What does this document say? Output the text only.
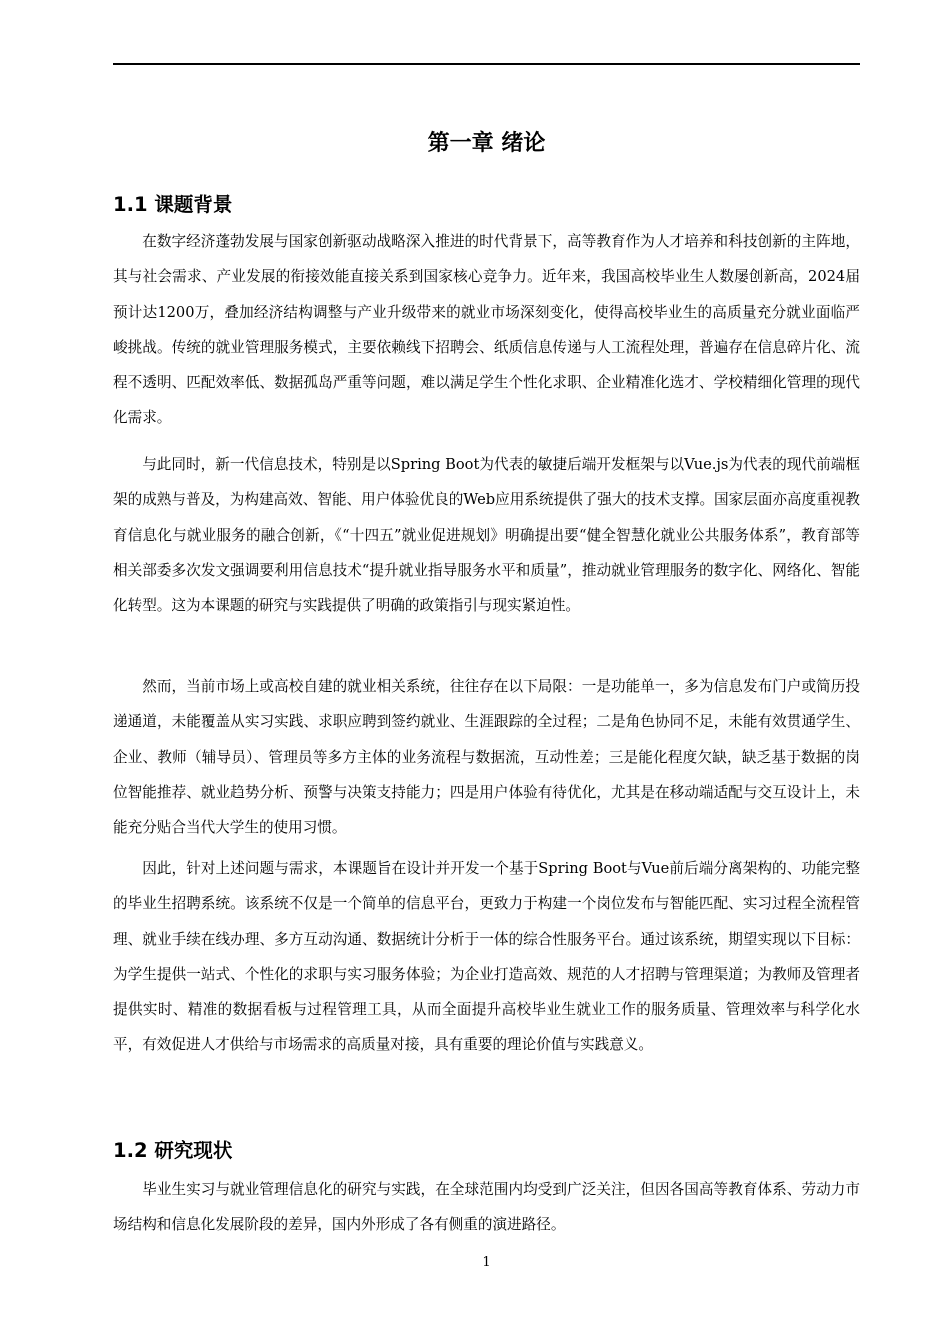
第一章 绪论
1.1 课题背景

在数字经济蓬勃发展与国家创新驱动战略深入推进的时代背景下，高等教育作为人才培养和科技创新的主阵地，其与社会需求、产业发展的衔接效能直接关系到国家核心竞争力。近年来，我国高校毕业生人数屡创新高，2024届预计达1200万，叠加经济结构调整与产业升级带来的就业市场深刻变化，使得高校毕业生的高质量充分就业面临严峻挑战。传统的就业管理服务模式，主要依赖线下招聘会、纸质信息传递与人工流程处理，普遍存在信息碎片化、流程不透明、匹配效率低、数据孤岛严重等问题，难以满足学生个性化求职、企业精准化选才、学校精细化管理的现代化需求。

与此同时，新一代信息技术，特别是以Spring Boot为代表的敏捷后端开发框架与以Vue.js为代表的现代前端框架的成熟与普及，为构建高效、智能、用户体验优良的Web应用系统提供了强大的技术支撑。国家层面亦高度重视教育信息化与就业服务的融合创新，《“十四五”就业促进规划》明确提出要“健全智慧化就业公共服务体系”，教育部等相关部委多次发文强调要利用信息技术“提升就业指导服务水平和质量”，推动就业管理服务的数字化、网络化、智能化转型。这为本课题的研究与实践提供了明确的政策指引与现实紧迫性。

然而，当前市场上或高校自建的就业相关系统，往往存在以下局限：一是功能单一，多为信息发布门户或简历投递通道，未能覆盖从实习实践、求职应聘到签约就业、生涯跟踪的全过程；二是角色协同不足，未能有效贯通学生、企业、教师（辅导员）、管理员等多方主体的业务流程与数据流，互动性差；三是能化程度欠缺，缺乏基于数据的岗位智能推荐、就业趋势分析、预警与决策支持能力；四是用户体验有待优化，尤其是在移动端适配与交互设计上，未能充分贴合当代大学生的使用习惯。

因此，针对上述问题与需求，本课题旨在设计并开发一个基于Spring Boot与Vue前后端分离架构的、功能完整的毕业生招聘系统。该系统不仅是一个简单的信息平台，更致力于构建一个岗位发布与智能匹配、实习过程全流程管理、就业手续在线办理、多方互动沟通、数据统计分析于一体的综合性服务平台。通过该系统，期望实现以下目标：为学生提供一站式、个性化的求职与实习服务体验；为企业打造高效、规范的人才招聘与管理渠道；为教师及管理者提供实时、精准的数据看板与过程管理工具，从而全面提升高校毕业生就业工作的服务质量、管理效率与科学化水平，有效促进人才供给与市场需求的高质量对接，具有重要的理论价值与实践意义。

1.2 研究现状

毕业生实习与就业管理信息化的研究与实践，在全球范围内均受到广泛关注，但因各国高等教育体系、劳动力市场结构和信息化发展阶段的差异，国内外形成了各有侧重的演进路径。

1
